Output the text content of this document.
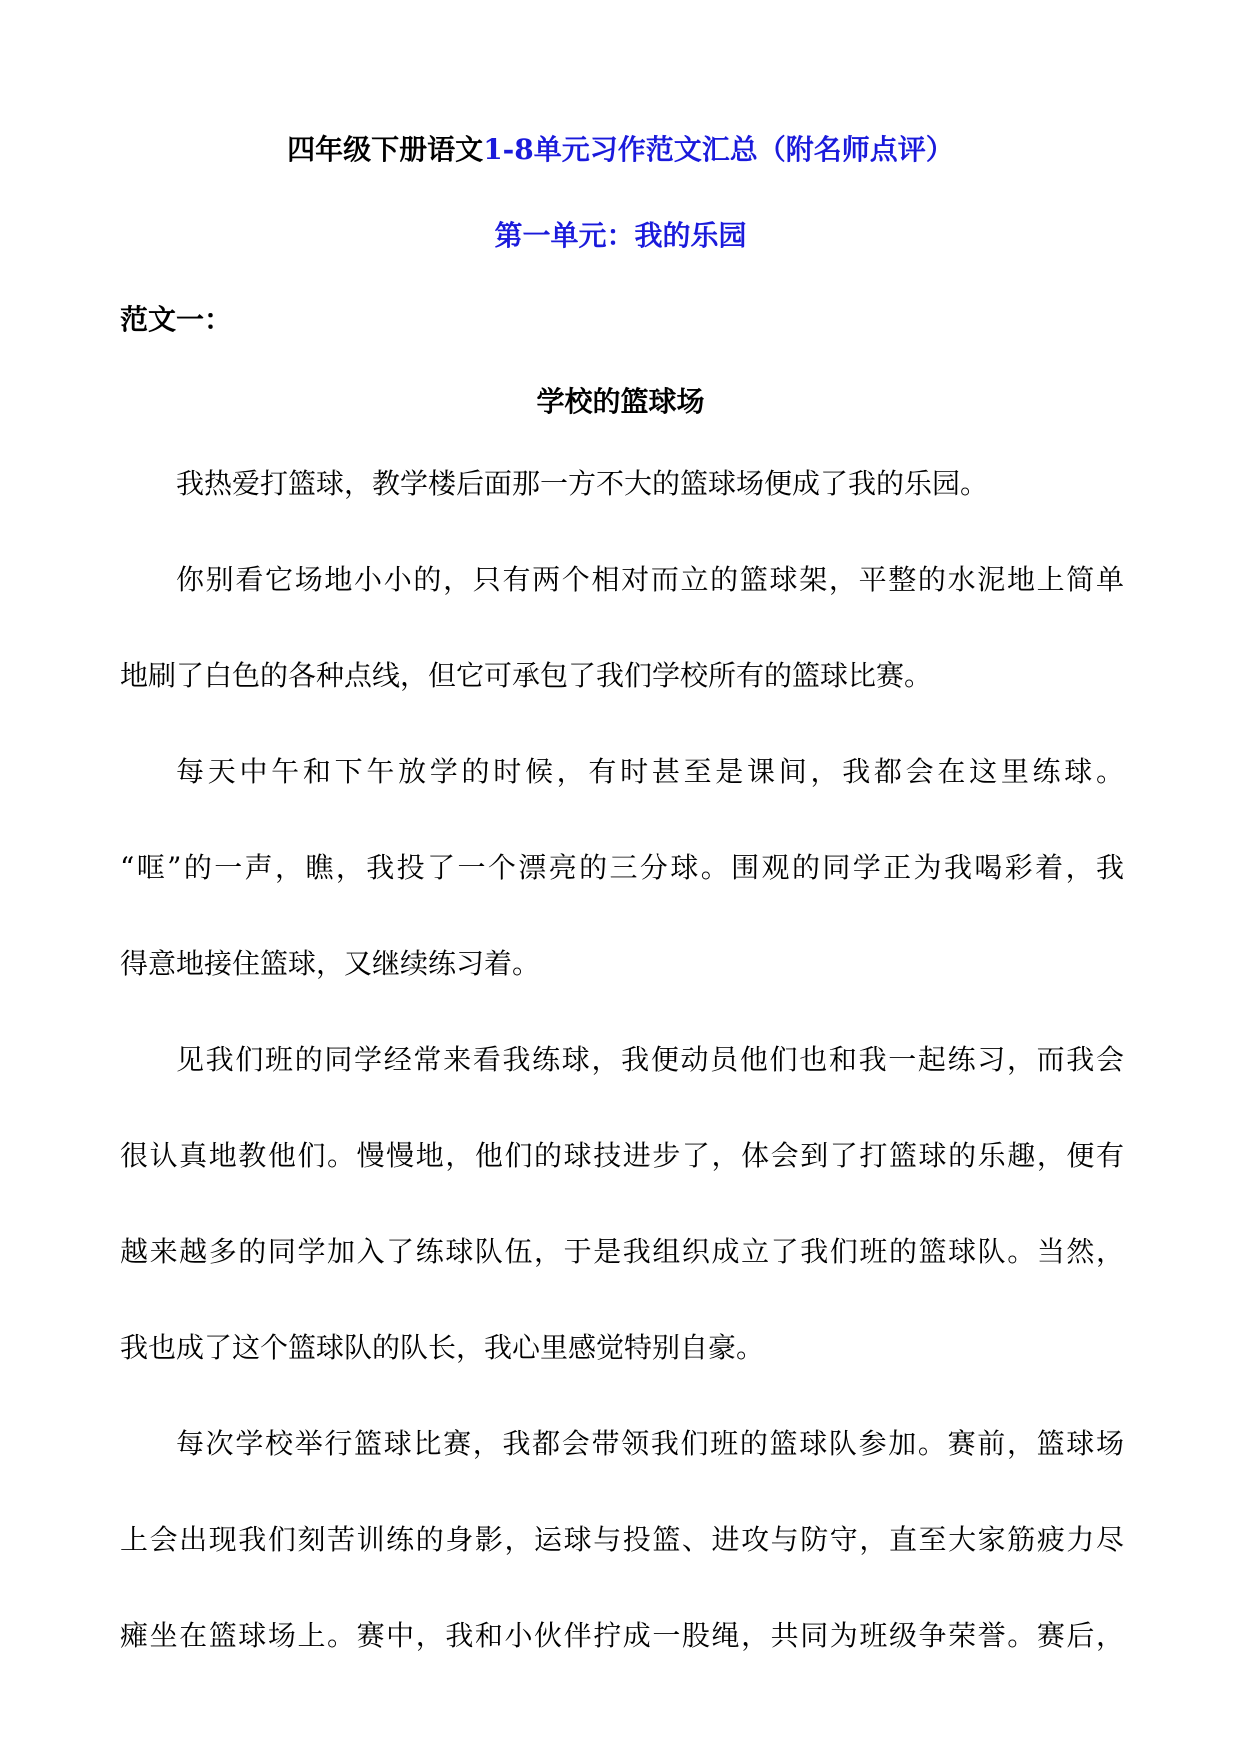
四年级下册语文1-8单元习作范文汇总（附名师点评）
第一单元：我的乐园
范文一：
学校的篮球场
我热爱打篮球，教学楼后面那一方不大的篮球场便成了我的乐园。
你别看它场地小小的，只有两个相对而立的篮球架，平整的水泥地上简单
地刷了白色的各种点线，但它可承包了我们学校所有的篮球比赛。
每天中午和下午放学的时候，有时甚至是课间，我都会在这里练球。
“哐”的一声，瞧，我投了一个漂亮的三分球。围观的同学正为我喝彩着，我
得意地接住篮球，又继续练习着。
见我们班的同学经常来看我练球，我便动员他们也和我一起练习，而我会
很认真地教他们。慢慢地，他们的球技进步了，体会到了打篮球的乐趣，便有
越来越多的同学加入了练球队伍，于是我组织成立了我们班的篮球队。当然，
我也成了这个篮球队的队长，我心里感觉特别自豪。
每次学校举行篮球比赛，我都会带领我们班的篮球队参加。赛前，篮球场
上会出现我们刻苦训练的身影，运球与投篮、进攻与防守，直至大家筋疲力尽
瘫坐在篮球场上。赛中，我和小伙伴拧成一股绳，共同为班级争荣誉。赛后，
